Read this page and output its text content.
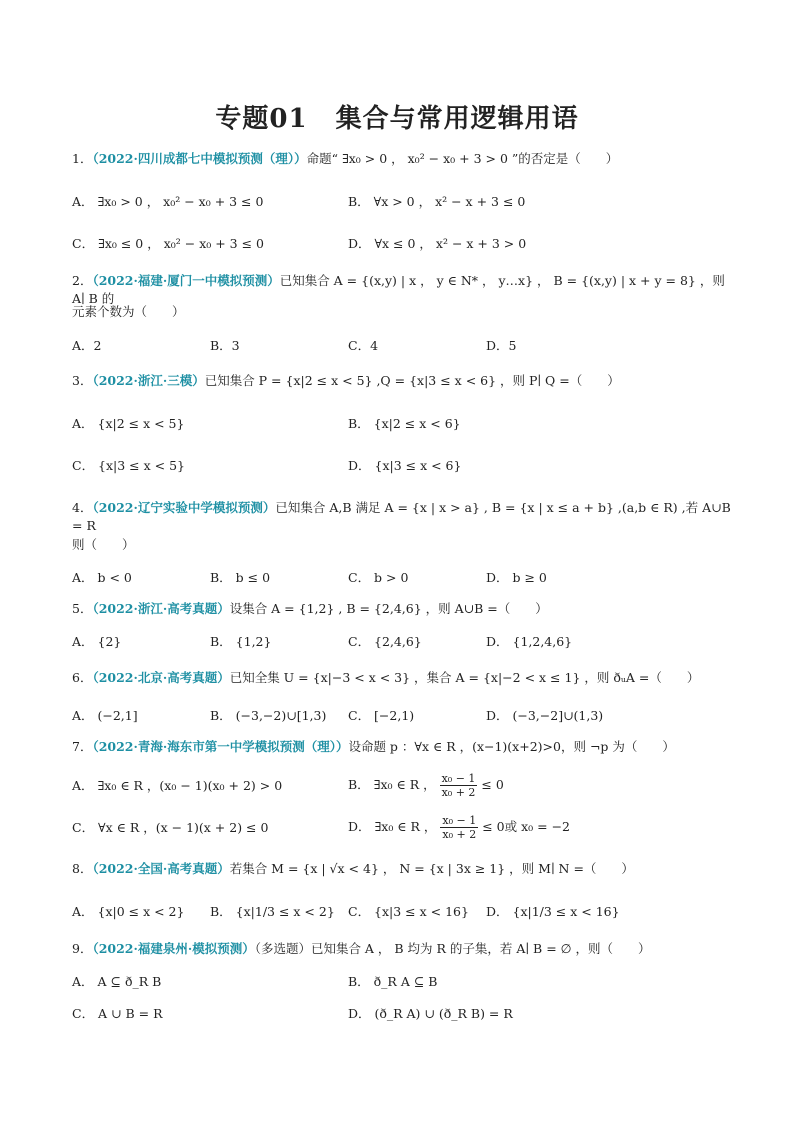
专题01 集合与常用逻辑用语
1．（2022·四川成都七中模拟预测（理））命题“ ∃x₀ > 0 ， x₀² − x₀ + 3 > 0 ”的否定是（　　）
A． ∃x₀ > 0 ， x₀² − x₀ + 3 ≤ 0	B． ∀x > 0 ， x² − x + 3 ≤ 0
C． ∃x₀ ≤ 0 ， x₀² − x₀ + 3 ≤ 0	D． ∀x ≤ 0 ， x² − x + 3 > 0
2．（2022·福建·厦门一中模拟预测）已知集合 A = {(x,y) | x ， y ∈ N* ， y…x} ， B = {(x,y) | x + y = 8} ，则 A∣ B 的
元素个数为（　　）
A．2	B．3	C．4	D．5
3．（2022·浙江·三模）已知集合 P = {x|2 ≤ x < 5} ,Q = {x|3 ≤ x < 6} ，则 P∣ Q =（　　）
A． {x|2 ≤ x < 5}	B． {x|2 ≤ x < 6}
C． {x|3 ≤ x < 5}	D． {x|3 ≤ x < 6}
4．（2022·辽宁实验中学模拟预测）已知集合 A,B 满足 A = {x | x > a} , B = {x | x ≤ a + b} ,(a,b ∈ R) ,若 A∪B = R
则（　　）
A． b < 0	B． b ≤ 0	C． b > 0	D． b ≥ 0
5．（2022·浙江·高考真题）设集合 A = {1,2} , B = {2,4,6} ，则 A∪B =（　　）
A． {2}	B． {1,2}	C． {2,4,6}	D． {1,2,4,6}
6．（2022·北京·高考真题）已知全集 U = {x|−3 < x < 3} ，集合 A = {x|−2 < x ≤ 1} ，则 ðᵤA =（　　）
A． (−2,1]	B． (−3,−2)∪[1,3) C． [−2,1)	D． (−3,−2]∪(1,3)
7．（2022·青海·海东市第一中学模拟预测（理））设命题 p ：∀x ∈ R ，(x−1)(x+2)>0，则 ¬p 为（　　）
A． ∃x₀ ∈ R ，(x₀ − 1)(x₀ + 2) > 0	B． ∃x₀ ∈ R ， $\frac{\text{x₀ − 1}}{\text{x₀ + 2}} \le 0$
C． ∀x ∈ R ，(x − 1)(x + 2) ≤ 0	D． ∃x₀ ∈ R ， $\frac{\text{x₀ − 1}}{\text{x₀ + 2}} \le 0$或 x₀ = −2
8．（2022·全国·高考真题）若集合 M = {x | √x < 4} ， N = {x | 3x ≥ 1} ，则 M∣ N =（　　）
A． {x|0 ≤ x < 2} B． {x|1/3 ≤ x < 2} C． {x|3 ≤ x < 16} D． {x|1/3 ≤ x < 16}
9．（2022·福建泉州·模拟预测）（多选题）已知集合 A ， B 均为 R 的子集，若 A∣ B = ∅ ，则（　　）
A． A ⊆ ð_R B	B． ð_R A ⊆ B
C． A ∪ B = R	D． (ð_R A) ∪ (ð_R B) = R
